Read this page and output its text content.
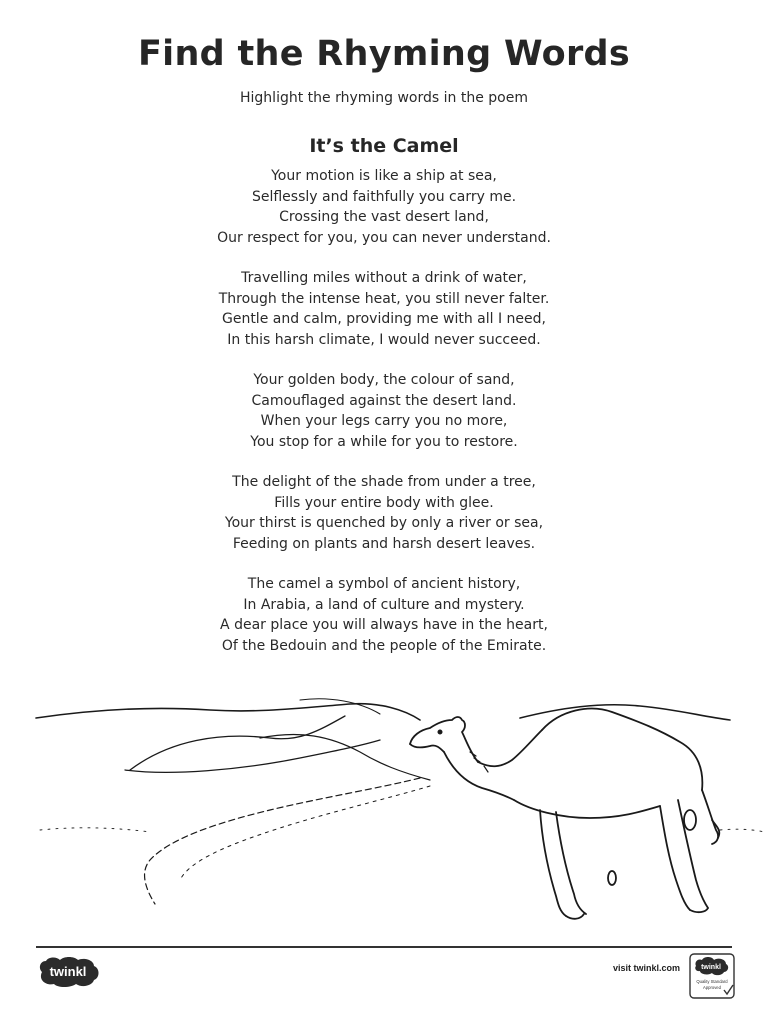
Find the Rhyming Words
Highlight the rhyming words in the poem
It’s the Camel
Your motion is like a ship at sea,
Selflessly and faithfully you carry me.
Crossing the vast desert land,
Our respect for you, you can never understand.
Travelling miles without a drink of water,
Through the intense heat, you still never falter.
Gentle and calm, providing me with all I need,
In this harsh climate, I would never succeed.
Your golden body, the colour of sand,
Camouflaged against the desert land.
When your legs carry you no more,
You stop for a while for you to restore.
The delight of the shade from under a tree,
Fills your entire body with glee.
Your thirst is quenched by only a river or sea,
Feeding on plants and harsh desert leaves.
The camel a symbol of ancient history,
In Arabia, a land of culture and mystery.
A dear place you will always have in the heart,
Of the Bedouin and the people of the Emirate.
twinkl	visit twinkl.com	twinkl
Quality Standard
Approved
